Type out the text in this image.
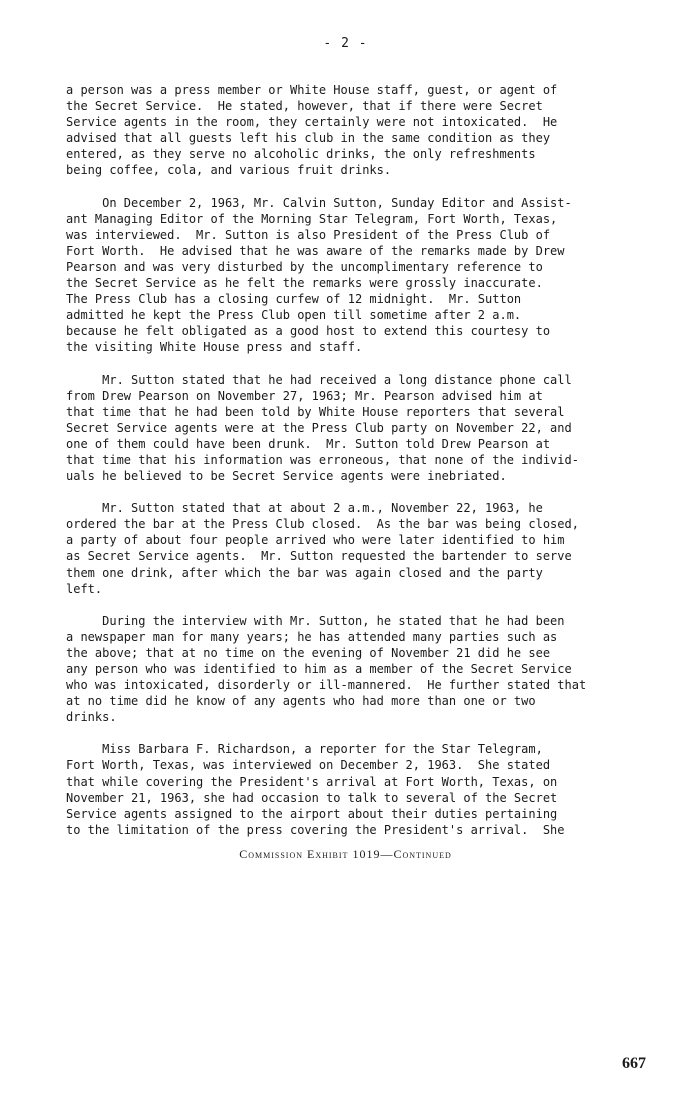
- 2 -

a person was a press member or White House staff, guest, or agent of
the Secret Service.  He stated, however, that if there were Secret
Service agents in the room, they certainly were not intoxicated.  He
advised that all guests left his club in the same condition as they
entered, as they serve no alcoholic drinks, the only refreshments
being coffee, cola, and various fruit drinks.

On December 2, 1963, Mr. Calvin Sutton, Sunday Editor and Assist-
ant Managing Editor of the Morning Star Telegram, Fort Worth, Texas,
was interviewed.  Mr. Sutton is also President of the Press Club of
Fort Worth.  He advised that he was aware of the remarks made by Drew
Pearson and was very disturbed by the uncomplimentary reference to
the Secret Service as he felt the remarks were grossly inaccurate.
The Press Club has a closing curfew of 12 midnight.  Mr. Sutton
admitted he kept the Press Club open till sometime after 2 a.m.
because he felt obligated as a good host to extend this courtesy to
the visiting White House press and staff.

Mr. Sutton stated that he had received a long distance phone call
from Drew Pearson on November 27, 1963; Mr. Pearson advised him at
that time that he had been told by White House reporters that several
Secret Service agents were at the Press Club party on November 22, and
one of them could have been drunk.  Mr. Sutton told Drew Pearson at
that time that his information was erroneous, that none of the individ-
uals he believed to be Secret Service agents were inebriated.

Mr. Sutton stated that at about 2 a.m., November 22, 1963, he
ordered the bar at the Press Club closed.  As the bar was being closed,
a party of about four people arrived who were later identified to him
as Secret Service agents.  Mr. Sutton requested the bartender to serve
them one drink, after which the bar was again closed and the party
left.

During the interview with Mr. Sutton, he stated that he had been
a newspaper man for many years; he has attended many parties such as
the above; that at no time on the evening of November 21 did he see
any person who was identified to him as a member of the Secret Service
who was intoxicated, disorderly or ill-mannered.  He further stated that
at no time did he know of any agents who had more than one or two
drinks.

Miss Barbara F. Richardson, a reporter for the Star Telegram,
Fort Worth, Texas, was interviewed on December 2, 1963.  She stated
that while covering the President's arrival at Fort Worth, Texas, on
November 21, 1963, she had occasion to talk to several of the Secret
Service agents assigned to the airport about their duties pertaining
to the limitation of the press covering the President's arrival.  She

Commission Exhibit 1019—Continued
667
